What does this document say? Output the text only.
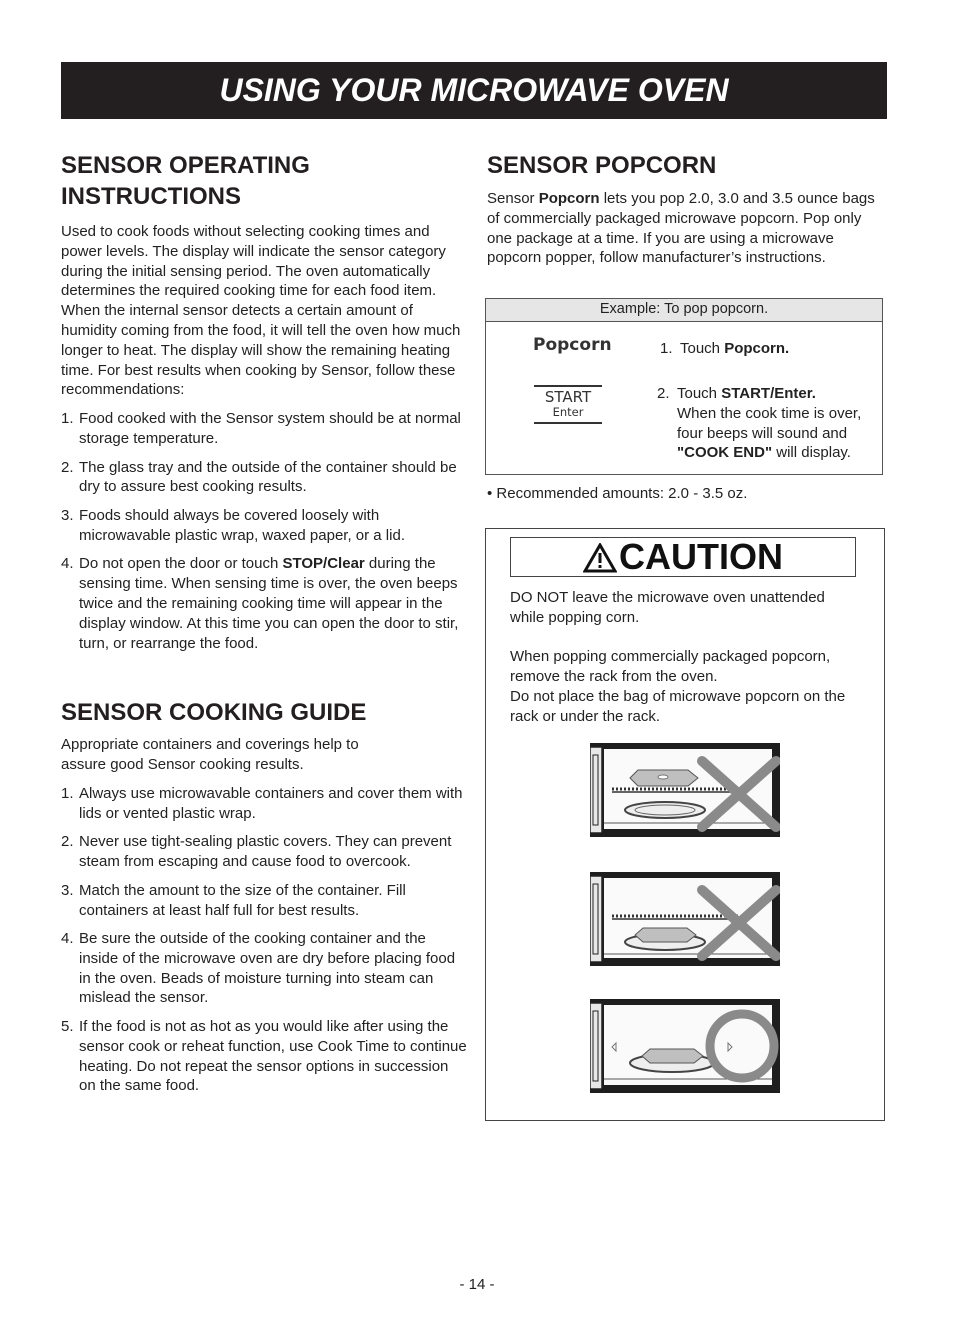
USING YOUR MICROWAVE OVEN
SENSOR OPERATING INSTRUCTIONS

Used to cook foods without selecting cooking times and power levels. The display will indicate the sensor category during the initial sensing period. The oven automatically determines the required cooking time for each food item.

When the internal sensor detects a certain amount of humidity coming from the food, it will tell the oven how much longer to heat. The display will show the remaining heating time. For best results when cooking by Sensor, follow these recommendations:

1. Food cooked with the Sensor system should be at normal storage temperature.
2. The glass tray and the outside of the container should be dry to assure best cooking results.
3. Foods should always be covered loosely with microwavable plastic wrap, waxed paper, or a lid.
4. Do not open the door or touch STOP/Clear during the sensing time. When sensing time is over, the oven beeps twice and the remaining cooking time will appear in the display window. At this time you can open the door to stir, turn, or rearrange the food.
SENSOR COOKING GUIDE

Appropriate containers and coverings help to assure good Sensor cooking results.

1. Always use microwavable containers and cover them with lids or vented plastic wrap.
2. Never use tight-sealing plastic covers. They can prevent steam from escaping and cause food to overcook.
3. Match the amount to the size of the container. Fill containers at least half full for best results.
4. Be sure the outside of the cooking container and the inside of the microwave oven are dry before placing food in the oven. Beads of moisture turning into steam can mislead the sensor.
5. If the food is not as hot as you would like after using the sensor cook or reheat function, use Cook Time to continue heating. Do not repeat the sensor options in succession on the same food.
SENSOR POPCORN

Sensor Popcorn lets you pop 2.0, 3.0 and 3.5 ounce bags of commercially packaged microwave popcorn. Pop only one package at a time. If you are using a microwave popcorn popper, follow manufacturer’s instructions.

Example: To pop popcorn.
Popcorn
START
Enter
1. Touch Popcorn.
2. Touch START/Enter.
When the cook time is over, four beeps will sound and "COOK END" will display.
• Recommended amounts: 2.0 - 3.5 oz.
CAUTION

DO NOT leave the microwave oven unattended while popping corn.

When popping commercially packaged popcorn, remove the rack from the oven.

Do not place the bag of microwave popcorn on the rack or under the rack.

- 14 -
